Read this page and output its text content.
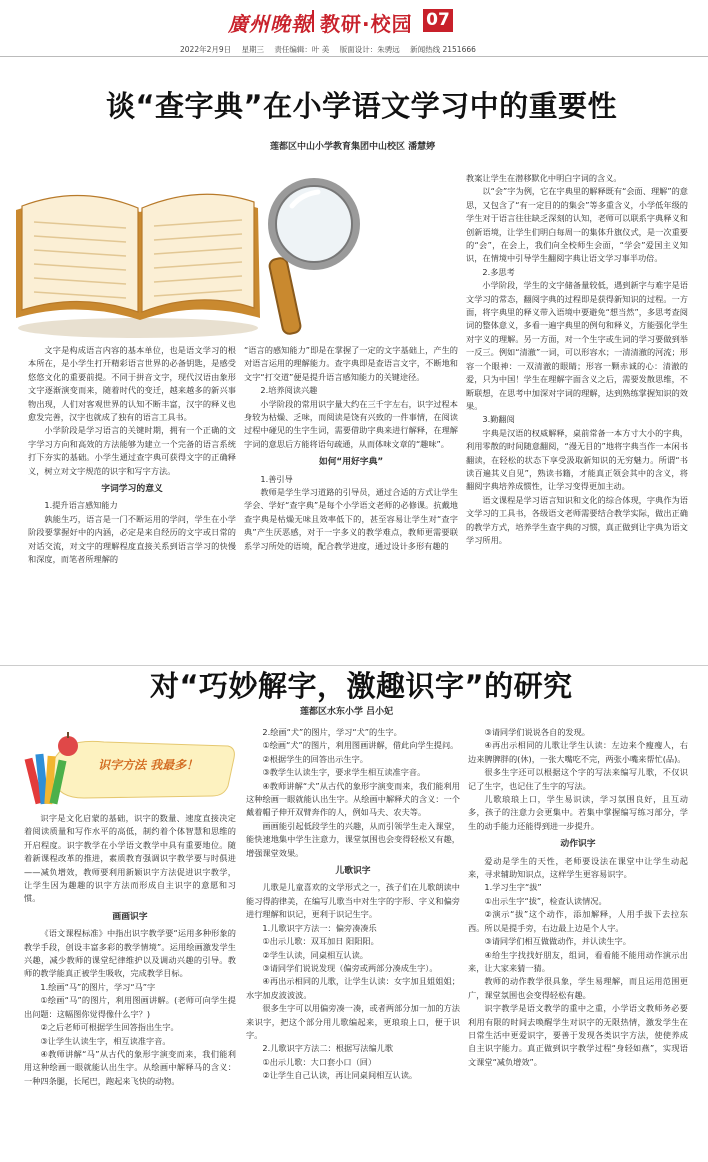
廣州晚報 教研·校园 07
2022年2月9日 星期三 责任编辑：叶 美 版面设计：朱骋远 新闻热线 2151666
谈“查字典”在小学语文学习中的重要性
莲都区中山小学教育集团中山校区 潘慧婷

文字是构成语言内容的基本单位，也是语文学习的根本所在，是小学生打开精彩语言世界的必备钥匙，是感受悠悠文化的重要前提。不同于拼音文字，现代汉语由象形文字逐渐演变而来，随着时代的变迁，越来越多的新兴事物出现，人们对客观世界的认知不断丰富，汉字的释义也愈发完善，汉字也就成了独有的语言工具书。

小学阶段是学习语言的关键时期，拥有一个正确的文字学习方向和高效的方法能够为建立一个完备的语言系统打下夯实的基础。小学生通过查字典可获得文字的正确释义，树立对文字规范的识字和写字方法。

字词学习的意义

1.提升语言感知能力

孰能生巧，语言是一门不断运用的学问，学生在小学阶段要掌握好中的内涵，必定是来自经历的文字或日常的对话交流，对文字的理解程度直接关系到语言学习的快慢和深度，而笔者所理解的

“语言的感知能力”即是在掌握了一定的文字基础上，产生的对语言运用的理解能力。查字典即是查语言文字，不断地和文字“打交道”便是提升语言感知能力的关键途径。

2.培养阅读兴趣

小学阶段的常用识字量大约在三千字左右，识字过程本身较为枯燥、乏味，而阅读是饶有兴致的一件事情，在阅读过程中碰见的生字生词，需要借助字典来进行解释，在理解字词的意思后方能将语句疏通，从而体味文章的“趣味”。

如何“用好字典”

1.善引导

教师是学生学习道路的引导员，通过合适的方式让学生学会、学好“查字典”是每个小学语文老师的必修课。抗戴地查字典是枯燥无味且效率低下的，甚至容易让学生对“查字典”产生厌恶感，对于一字多义的教学难点，教师更需要联系学习所处的语境，配合教学进度，通过设计多形有趣的

教案让学生在潜移默化中明白字词的含义。

以“会”字为例，它在字典里的解释既有“会面、理解”的意思，又包含了“有一定目的的集会”等多重含义，小学低年级的学生对于语言往往缺乏深刻的认知，老师可以联系字典释义和创新语境，让学生们明白每周一的集体升旗仪式，是一次重要的“会”，在会上，我们向全校师生会面，“学会”爱国主义知识，在情境中引导学生翻阅字典让语文学习事半功倍。

2.多思考

小学阶段，学生的文字储备量较低，遇到新字与难字是语文学习的常态，翻阅字典的过程即是获得新知识的过程。一方面，将字典里的释义带入语境中要避免“想当然”，多思考查阅词的整体意义，多看一遍字典里的例句和释义，方能强化学生对字义的理解。另一方面，对一个生字或生词的学习要做到举一反三。例如“清澈”一词，可以形容水；一清清澈的河流；形容一个眼神：一双清澈的眼睛；形容一颗赤诚的心：清澈的爱，只为中国！学生在理解字面含义之后，需要发散思维，不断联想，在思考中加深对字词的理解，达到熟练掌握知识的效果。

3.勤翻阅

字典是汉语的权威解释，桌前常备一本方寸大小的字典，利用零散的时间随意翻阅，“漫无目的”地将字典当作一本闲书翻读，在轻松的状态下享受汲取新知识的无穷魅力。所谓“书读百遍其义自见”，熟读书籍，才能真正领会其中的含义，将翻阅字典培养成惯性，让学习变得更加主动。

语文课程是学习语言知识和文化的综合体现，字典作为语文学习的工具书，各级语文老师需要结合教学实际，做出正确的教学方式，培养学生查字典的习惯，真正做到让字典为语文学习所用。

对“巧妙解字，激趣识字”的研究
莲都区水东小学 吕小妃
识字方法 我最多！

识字是文化启蒙的基础，识字的数量、速度直接决定着阅读质量和写作水平的高低，制约着个体智慧和思维的开启程度。识字教学在小学语文教学中具有重要地位。随着新课程改革的推进，素质教育强调识字教学要与时俱进——减负增效，教师要利用新颖识字方法促进识字教学，让学生因为趣趣的识字方法而形成自主识字的意愿和习惯。

画画识字

《语文课程标准》中指出识字教学要“运用多种形象的教学手段，创设丰富多彩的教学情境”。运用绘画激发学生兴趣，减少教师的课堂纪律维护以及调动兴趣的引导。教师的教学能真正被学生吸收，完成教学目标。

1.绘画“马”的图片，学习“马”字

①绘画“马”的图片，利用图画讲解。(老师可向学生提出问题：这幅图你觉得像什么字？)

②之后老师可根据学生回答指出生字。

③让学生认读生字，相互读准字音。

④教师讲解“马”从古代的象形字演变而来，我们能利用这种绘画一眼就能认出生字。从绘画中解释马的含义：一种四条腿，长尾巴，跑起来飞快的动物。

2.绘画“犬”的图片，学习“犬”的生字。

①绘画“犬”的图片，利用图画讲解，借此向学生提问。

②根据学生的回答出示生字。

③教学生认读生字，要求学生相互读准字音。

④教师讲解“犬”从古代的象形字演变而来，我们能利用这种绘画一眼就能认出生字。从绘画中解释犬的含义：一个戴着帽子伸开双臂奔作的人，例如马夫、农夫等。

画画能引起低段学生的兴趣，从而引领学生走入课堂，能快速地集中学生注意力，课堂氛围也会变得轻松又有趣，增强课堂效果。

儿歌识字

儿歌是儿童喜欢的文学形式之一，孩子们在儿歌朗读中能习得韵律美，在编写儿歌当中对生字的字形、字义和偏旁进行理解和识记，更利于识记生字。

1.儿歌识字方法一：偏旁凑凑乐

①出示儿歌：双耳加日 阳阳阳。

②学生认读，同桌相互认读。

③请同学们说说发现（偏旁或两部分凑成生字）。

④再出示相同的儿歌，让学生认读：女字加且姐姐姐；水字加皮波波波。

很多生字可以用偏旁凑一凑，或者两部分加一加的方法来识字，把这个部分用儿歌编起来，更琅琅上口，便于识字。

2.儿歌识字方法二：根据写法编儿歌

①出示儿歌：大口套小口（回）

②让学生自己认读，再让同桌间相互认读。

③请同学们说说各自的发现。

④再出示相同的儿歌让学生认读：左边来个瘦瘦人，右边来脾脾胖的(休)，一张大嘴吃不完，两张小嘴来帮忙(品)。

很多生字还可以根据这个字的写法来编写儿歌，不仅识记了生字，也记住了生字的写法。

儿歌琅琅上口，学生易识读，学习氛围良好，且互动多，孩子的注意力会更集中。若集中掌握编写练习部分，学生的动手能力还能得到进一步提升。

动作识字

爱动是学生的天性，老师要设法在课堂中让学生动起来，寻求辅助知识点，这样学生更容易识字。

1.学习生字“拔”

①出示生字“拔”，检查认读情况。

②演示“拔”这个动作，添加解释，人用手拔下去拉东西。所以是提手旁，右边最上边是个人字。

③请同学们相互做做动作，并认读生字。

④给生字找找好朋友，组词，看看能不能用动作演示出来，让大家来猜一猜。

教师的动作教学很具象，学生易理解，而且运用范围更广，课堂氛围也会变得轻松有趣。

识字教学是语文教学的重中之重，小学语文教师务必要利用有限的时间去唤醒学生对识字的无限热情，激发学生在日常生活中更爱识字，要善于发现各类识字方法，使使养成自主识字能力。真正做到识字教学过程“身轻如燕”，实现语文课堂“减负增效”。
